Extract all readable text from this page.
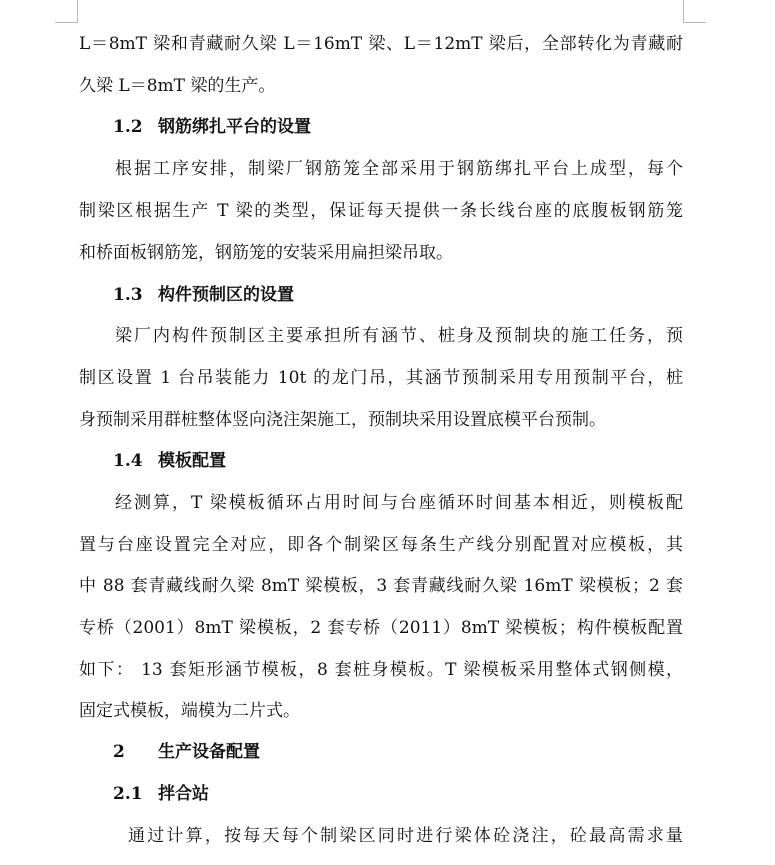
L＝8mT 梁和青藏耐久梁 L＝16mT 梁、L＝12mT 梁后，全部转化为青藏耐
久梁 L＝8mT 梁的生产。
1.2 钢筋绑扎平台的设置
根据工序安排，制梁厂钢筋笼全部采用于钢筋绑扎平台上成型，每个
制梁区根据生产 T 梁的类型，保证每天提供一条长线台座的底腹板钢筋笼
和桥面板钢筋笼，钢筋笼的安装采用扁担梁吊取。
1.3 构件预制区的设置
梁厂内构件预制区主要承担所有涵节、桩身及预制块的施工任务，预
制区设置 1 台吊装能力 10t 的龙门吊，其涵节预制采用专用预制平台，桩
身预制采用群桩整体竖向浇注架施工，预制块采用设置底模平台预制。
1.4 模板配置
经测算，T 梁模板循环占用时间与台座循环时间基本相近，则模板配
置与台座设置完全对应，即各个制梁区每条生产线分别配置对应模板，其
中 88 套青藏线耐久梁 8mT 梁模板，3 套青藏线耐久梁 16mT 梁模板；2 套
专桥（2001）8mT 梁模板，2 套专桥（2011）8mT 梁模板；构件模板配置
如下： 13 套矩形涵节模板，8 套桩身模板。T 梁模板采用整体式钢侧模，
固定式模板，端模为二片式。
2 生产设备配置
2.1 拌合站
通过计算，按每天每个制梁区同时进行梁体砼浇注，砼最高需求量
